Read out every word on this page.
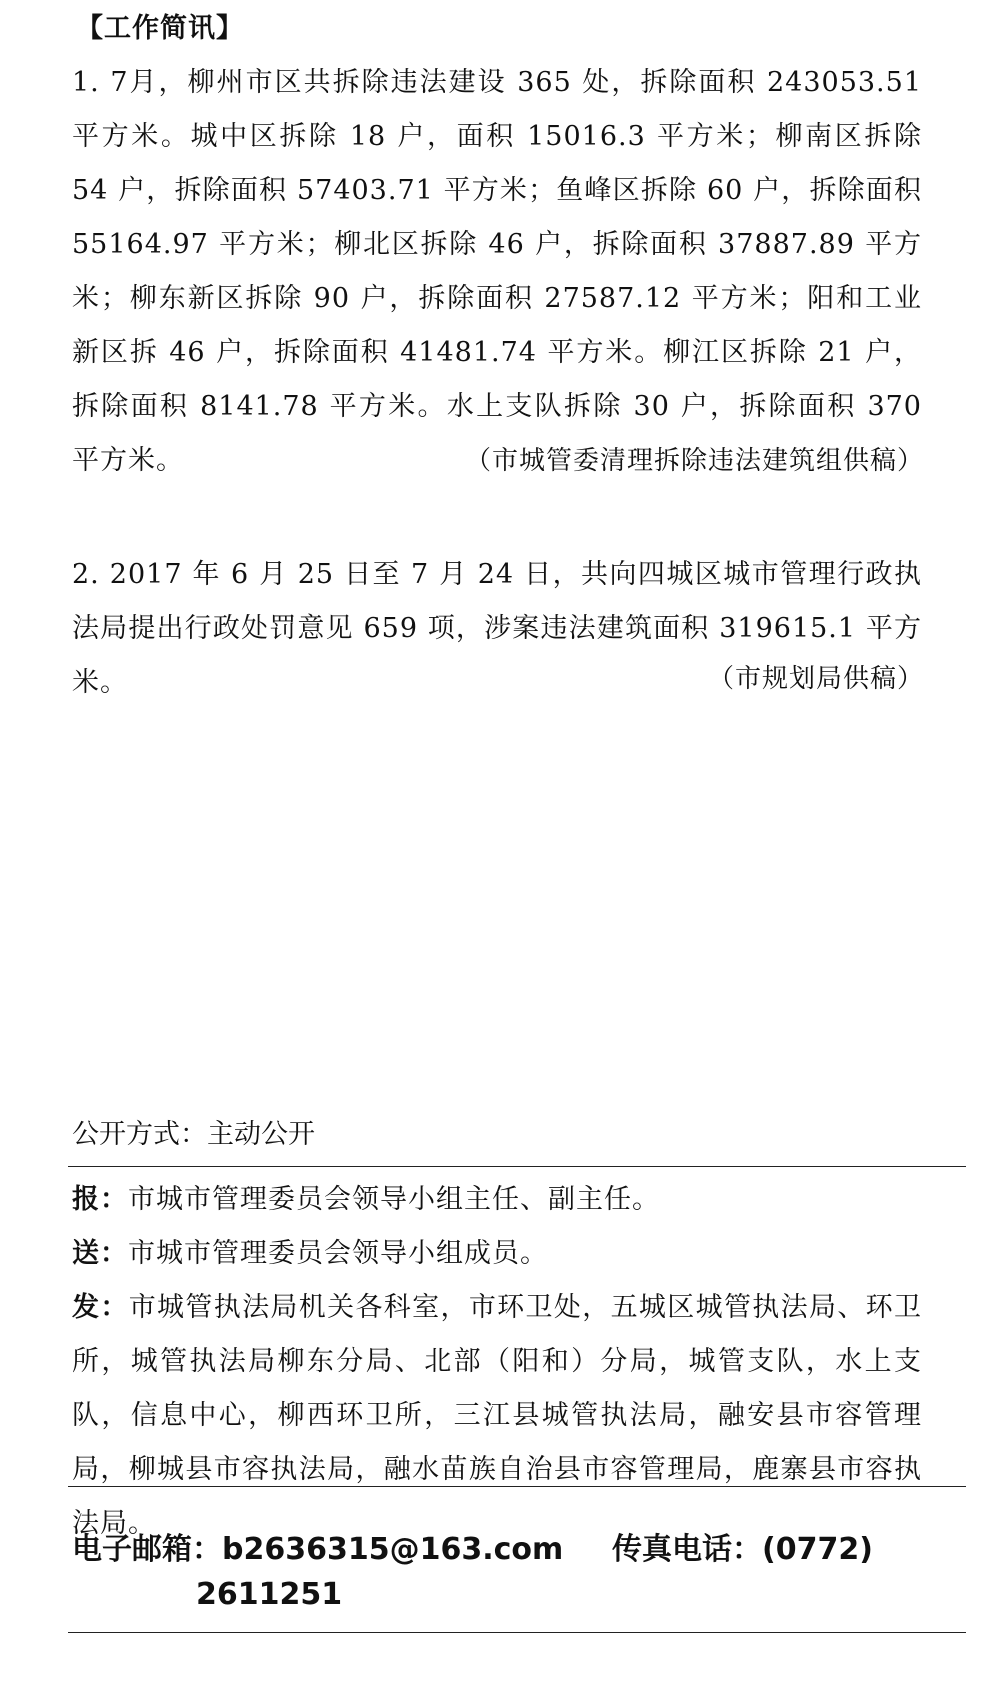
【工作简讯】
1. 7月，柳州市区共拆除违法建设 365 处，拆除面积 243053.51 平方米。城中区拆除 18 户，面积 15016.3 平方米；柳南区拆除 54 户，拆除面积 57403.71 平方米；鱼峰区拆除 60 户，拆除面积 55164.97 平方米；柳北区拆除 46 户，拆除面积 37887.89 平方米；柳东新区拆除 90 户，拆除面积 27587.12 平方米；阳和工业新区拆 46 户，拆除面积 41481.74 平方米。柳江区拆除 21 户，拆除面积 8141.78 平方米。水上支队拆除 30 户，拆除面积 370 平方米。	（市城管委清理拆除违法建筑组供稿）
2. 2017 年 6 月 25 日至 7 月 24 日，共向四城区城市管理行政执法局提出行政处罚意见 659 项，涉案违法建筑面积 319615.1 平方米。	（市规划局供稿）
公开方式：主动公开
报：市城市管理委员会领导小组主任、副主任。
送：市城市管理委员会领导小组成员。
发：市城管执法局机关各科室，市环卫处，五城区城管执法局、环卫所，城管执法局柳东分局、北部（阳和）分局，城管支队，水上支队，信息中心，柳西环卫所，三江县城管执法局，融安县市容管理局，柳城县市容执法局，融水苗族自治县市容管理局，鹿寨县市容执法局。
电子邮箱：b2636315@163.com 传真电话：(0772)
2611251
